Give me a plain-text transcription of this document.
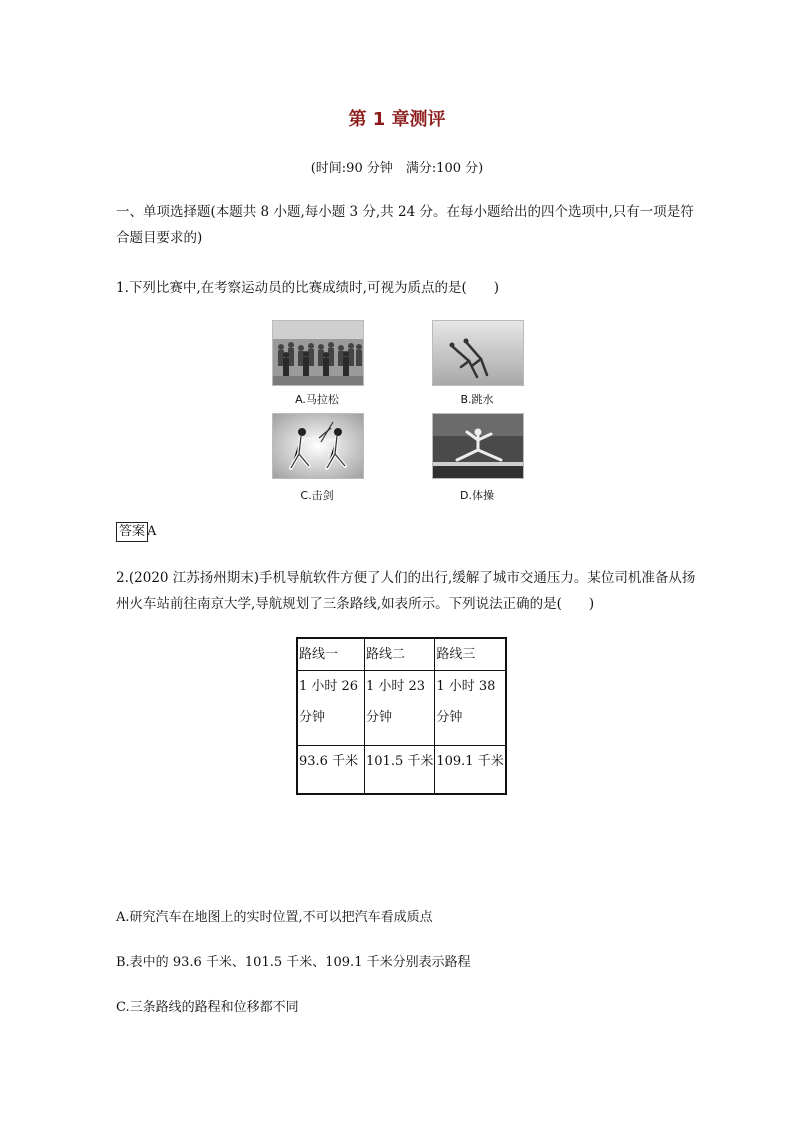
第 1 章测评
(时间:90 分钟　满分:100 分)
一、单项选择题(本题共 8 小题,每小题 3 分,共 24 分。在每小题给出的四个选项中,只有一项是符合题目要求的)
1.下列比赛中,在考察运动员的比赛成绩时,可视为质点的是(　　)
A.马拉松	B.跳水
C.击剑	D.体操
答案 A
2.(2020 江苏扬州期末)手机导航软件方便了人们的出行,缓解了城市交通压力。某位司机准备从扬州火车站前往南京大学,导航规划了三条路线,如表所示。下列说法正确的是(　　)
路线一	路线二	路线三
1 小时 26 分钟	1 小时 23 分钟	1 小时 38 分钟
93.6 千米	101.5 千米	109.1 千米
A.研究汽车在地图上的实时位置,不可以把汽车看成质点
B.表中的 93.6 千米、101.5 千米、109.1 千米分别表示路程
C.三条路线的路程和位移都不同
